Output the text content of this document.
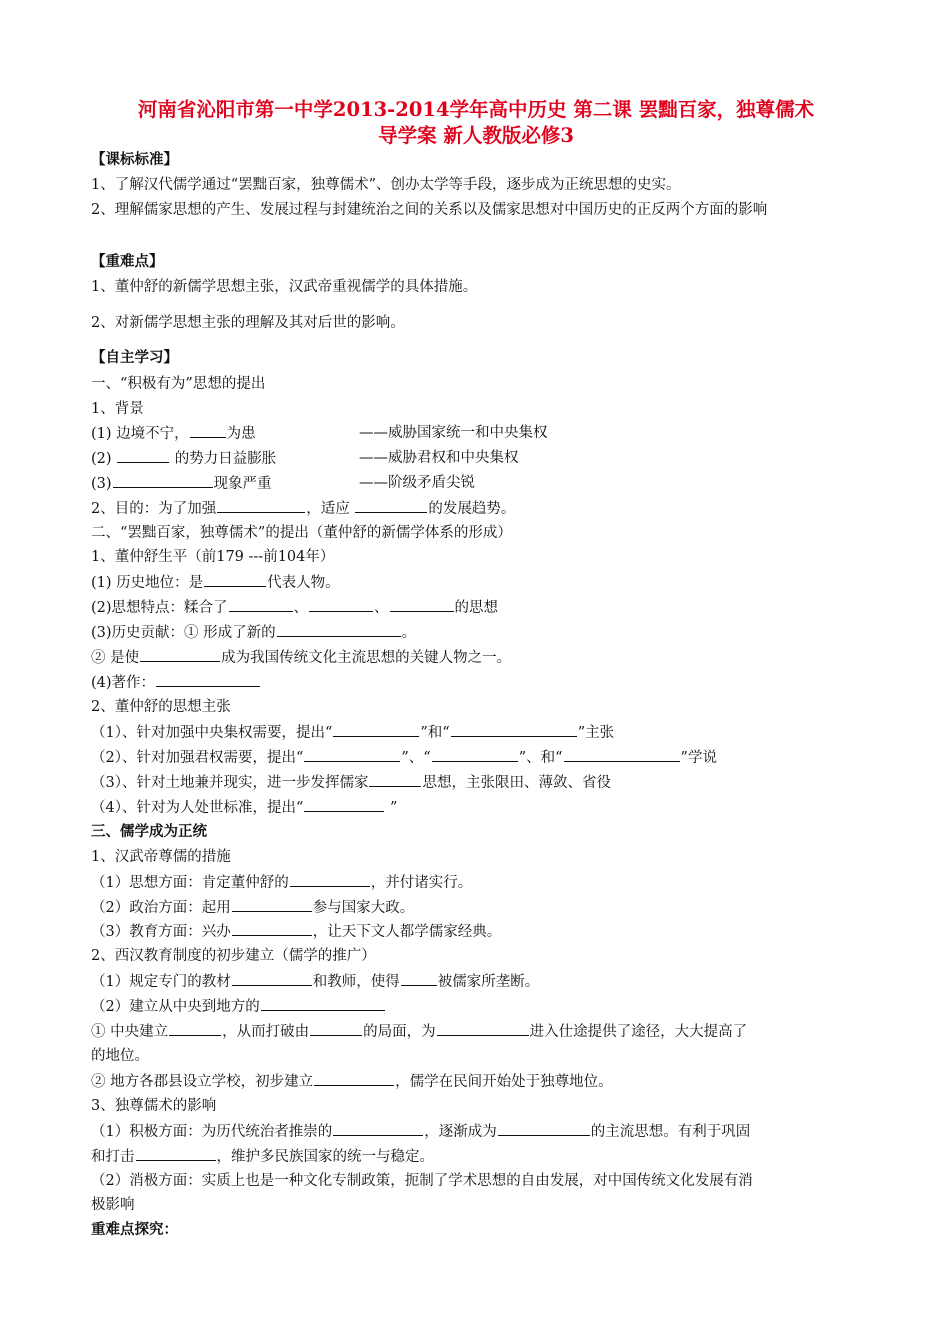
河南省沁阳市第一中学2013-2014学年高中历史 第二课 罢黜百家，独尊儒术
导学案 新人教版必修3
【课标标准】
1、了解汉代儒学通过“罢黜百家，独尊儒术”、创办太学等手段，逐步成为正统思想的史实。
2、理解儒家思想的产生、发展过程与封建统治之间的关系以及儒家思想对中国历史的正反两个方面的影响
【重难点】
1、董仲舒的新儒学思想主张，汉武帝重视儒学的具体措施。
2、对新儒学思想主张的理解及其对后世的影响。
【自主学习】
一、“积极有为”思想的提出
1、背景
(1) 边境不宁，	为患	——威胁国家统一和中央集权
(2)	的势力日益膨胀	——威胁君权和中央集权
(3)	现象严重	——阶级矛盾尖锐
2、目的：为了加强	，适应	的发展趋势。
二、“罢黜百家，独尊儒术”的提出（董仲舒的新儒学体系的形成）
1、董仲舒生平（前179 ---前104年）
(1) 历史地位：是	代表人物。
(2)思想特点：糅合了	、	、	的思想
(3)历史贡献：① 形成了新的	。
② 是使	成为我国传统文化主流思想的关键人物之一。
(4)著作：
2、董仲舒的思想主张
（1）、针对加强中央集权需要，提出“	”和“	”主张
（2）、针对加强君权需要，提出“	”、“	”、和“	”学说
（3）、针对土地兼并现实，进一步发挥儒家	思想，主张限田、薄敛、省役
（4）、针对为人处世标准，提出“	”
三、儒学成为正统
1、汉武帝尊儒的措施
（1）思想方面：肯定董仲舒的	，并付诸实行。
（2）政治方面：起用	参与国家大政。
（3）教育方面：兴办	，让天下文人都学儒家经典。
2、西汉教育制度的初步建立（儒学的推广）
（1）规定专门的教材	和教师，使得	被儒家所垄断。
（2）建立从中央到地方的
① 中央建立	，从而打破由	的局面，为	进入仕途提供了途径，大大提高了
的地位。
② 地方各郡县设立学校，初步建立	，儒学在民间开始处于独尊地位。
3、独尊儒术的影响
（1）积极方面：为历代统治者推崇的	，逐渐成为	的主流思想。有利于巩固
和打击	，维护多民族国家的统一与稳定。
（2）消极方面：实质上也是一种文化专制政策，扼制了学术思想的自由发展，对中国传统文化发展有消
极影响
重难点探究：
